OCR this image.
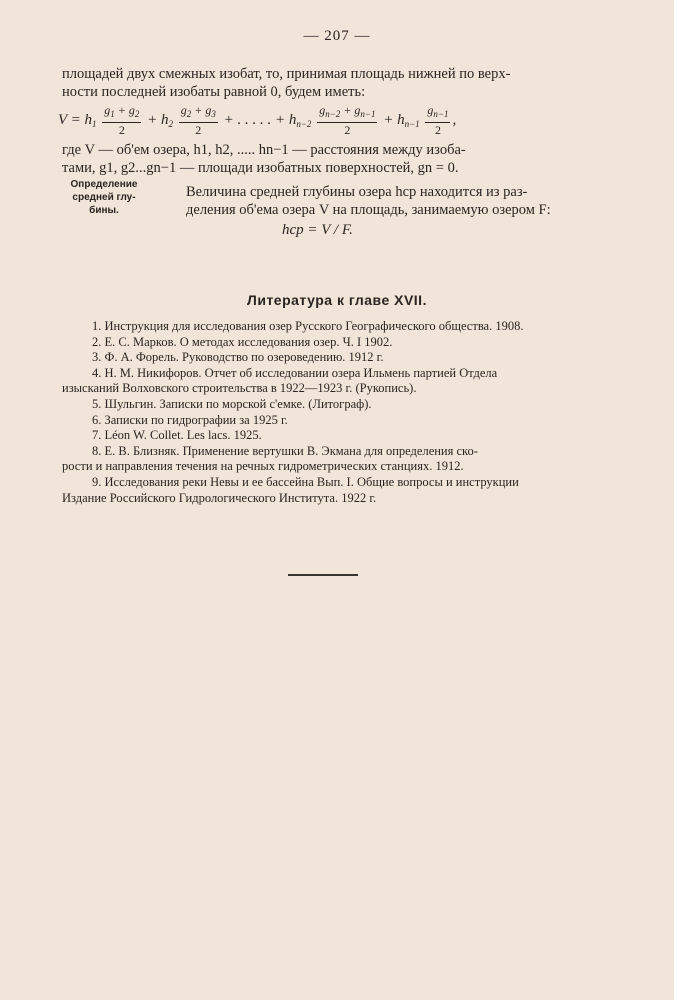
— 207 —
площадей двух смежных изобат, то, принимая площадь нижней по верх-
ности последней изобаты равной 0, будем иметь:
$V = h_1 \frac{g_1 + g_2}{2} + h_2 \frac{g_2 + g_3}{2}$ + . . . . . + $h_{n-2} \frac{g_{n-2} + g_{n-1}}{2} + h_{n-1} \frac{g_{n-1}}{2}$ ,
где V — об'ем озера, h1, h2, ..... hn−1 — расстояния между изоба-
тами, g1, g2...gn−1 — площади изобатных поверхностей, gn = 0.
Определение
средней глу-
бины.
Величина средней глубины озера hср находится из раз-
деления об'ема озера V на площадь, занимаемую озером F:
hср = V / F.
Литература к главе XVII.
1. Инструкция для исследования озер Русского Географического общества. 1908.
2. Е. С. Марков. О методах исследования озер. Ч. I 1902.
3. Ф. А. Форель. Руководство по озероведению. 1912 г.
4. Н. М. Никифоров. Отчет об исследовании озера Ильмень партией Отдела
изысканий Волховского строительства в 1922—1923 г. (Рукопись).
5. Шульгин. Записки по морской с'емке. (Литограф).
6. Записки по гидрографии за 1925 г.
7. Léon W. Collet. Les lacs. 1925.
8. Е. В. Близняк. Применение вертушки В. Экмана для определения ско-
рости и направления течения на речных гидрометрических станциях. 1912.
9. Исследования реки Невы и ее бассейна Вып. I. Общие вопросы и инструкции
Издание Российского Гидрологического Института. 1922 г.
